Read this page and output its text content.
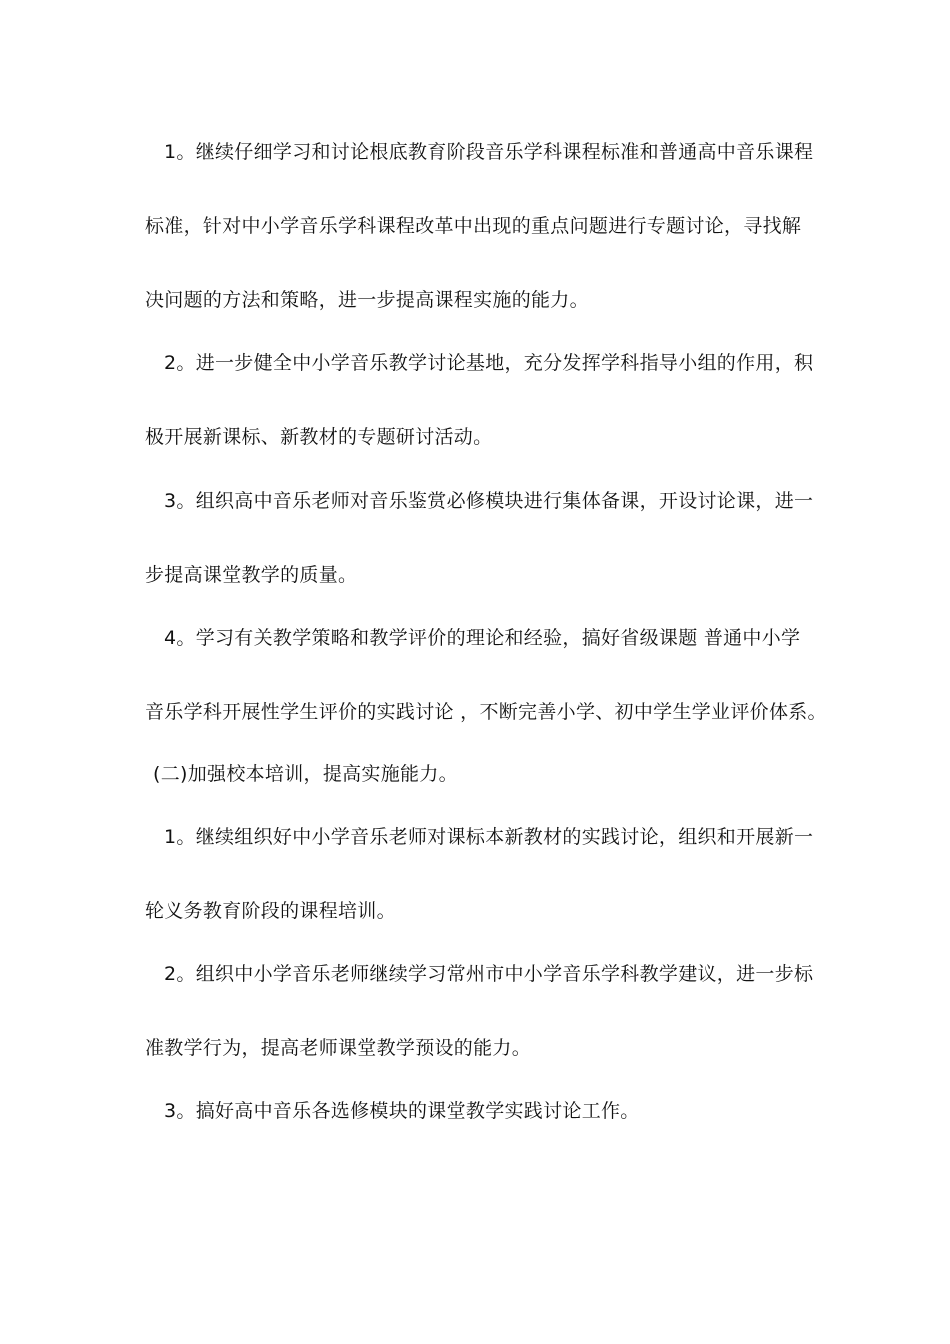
1。继续仔细学习和讨论根底教育阶段音乐学科课程标准和普通高中音乐课程
标准，针对中小学音乐学科课程改革中出现的重点问题进行专题讨论，寻找解
决问题的方法和策略，进一步提高课程实施的能力。
2。进一步健全中小学音乐教学讨论基地，充分发挥学科指导小组的作用，积
极开展新课标、新教材的专题研讨活动。
3。组织高中音乐老师对音乐鉴赏必修模块进行集体备课，开设讨论课，进一
步提高课堂教学的质量。
4。学习有关教学策略和教学评价的理论和经验，搞好省级课题 普通中小学
音乐学科开展性学生评价的实践讨论 ，不断完善小学、初中学生学业评价体系。
(二)加强校本培训，提高实施能力。
1。继续组织好中小学音乐老师对课标本新教材的实践讨论，组织和开展新一
轮义务教育阶段的课程培训。
2。组织中小学音乐老师继续学习常州市中小学音乐学科教学建议，进一步标
准教学行为，提高老师课堂教学预设的能力。
3。搞好高中音乐各选修模块的课堂教学实践讨论工作。
